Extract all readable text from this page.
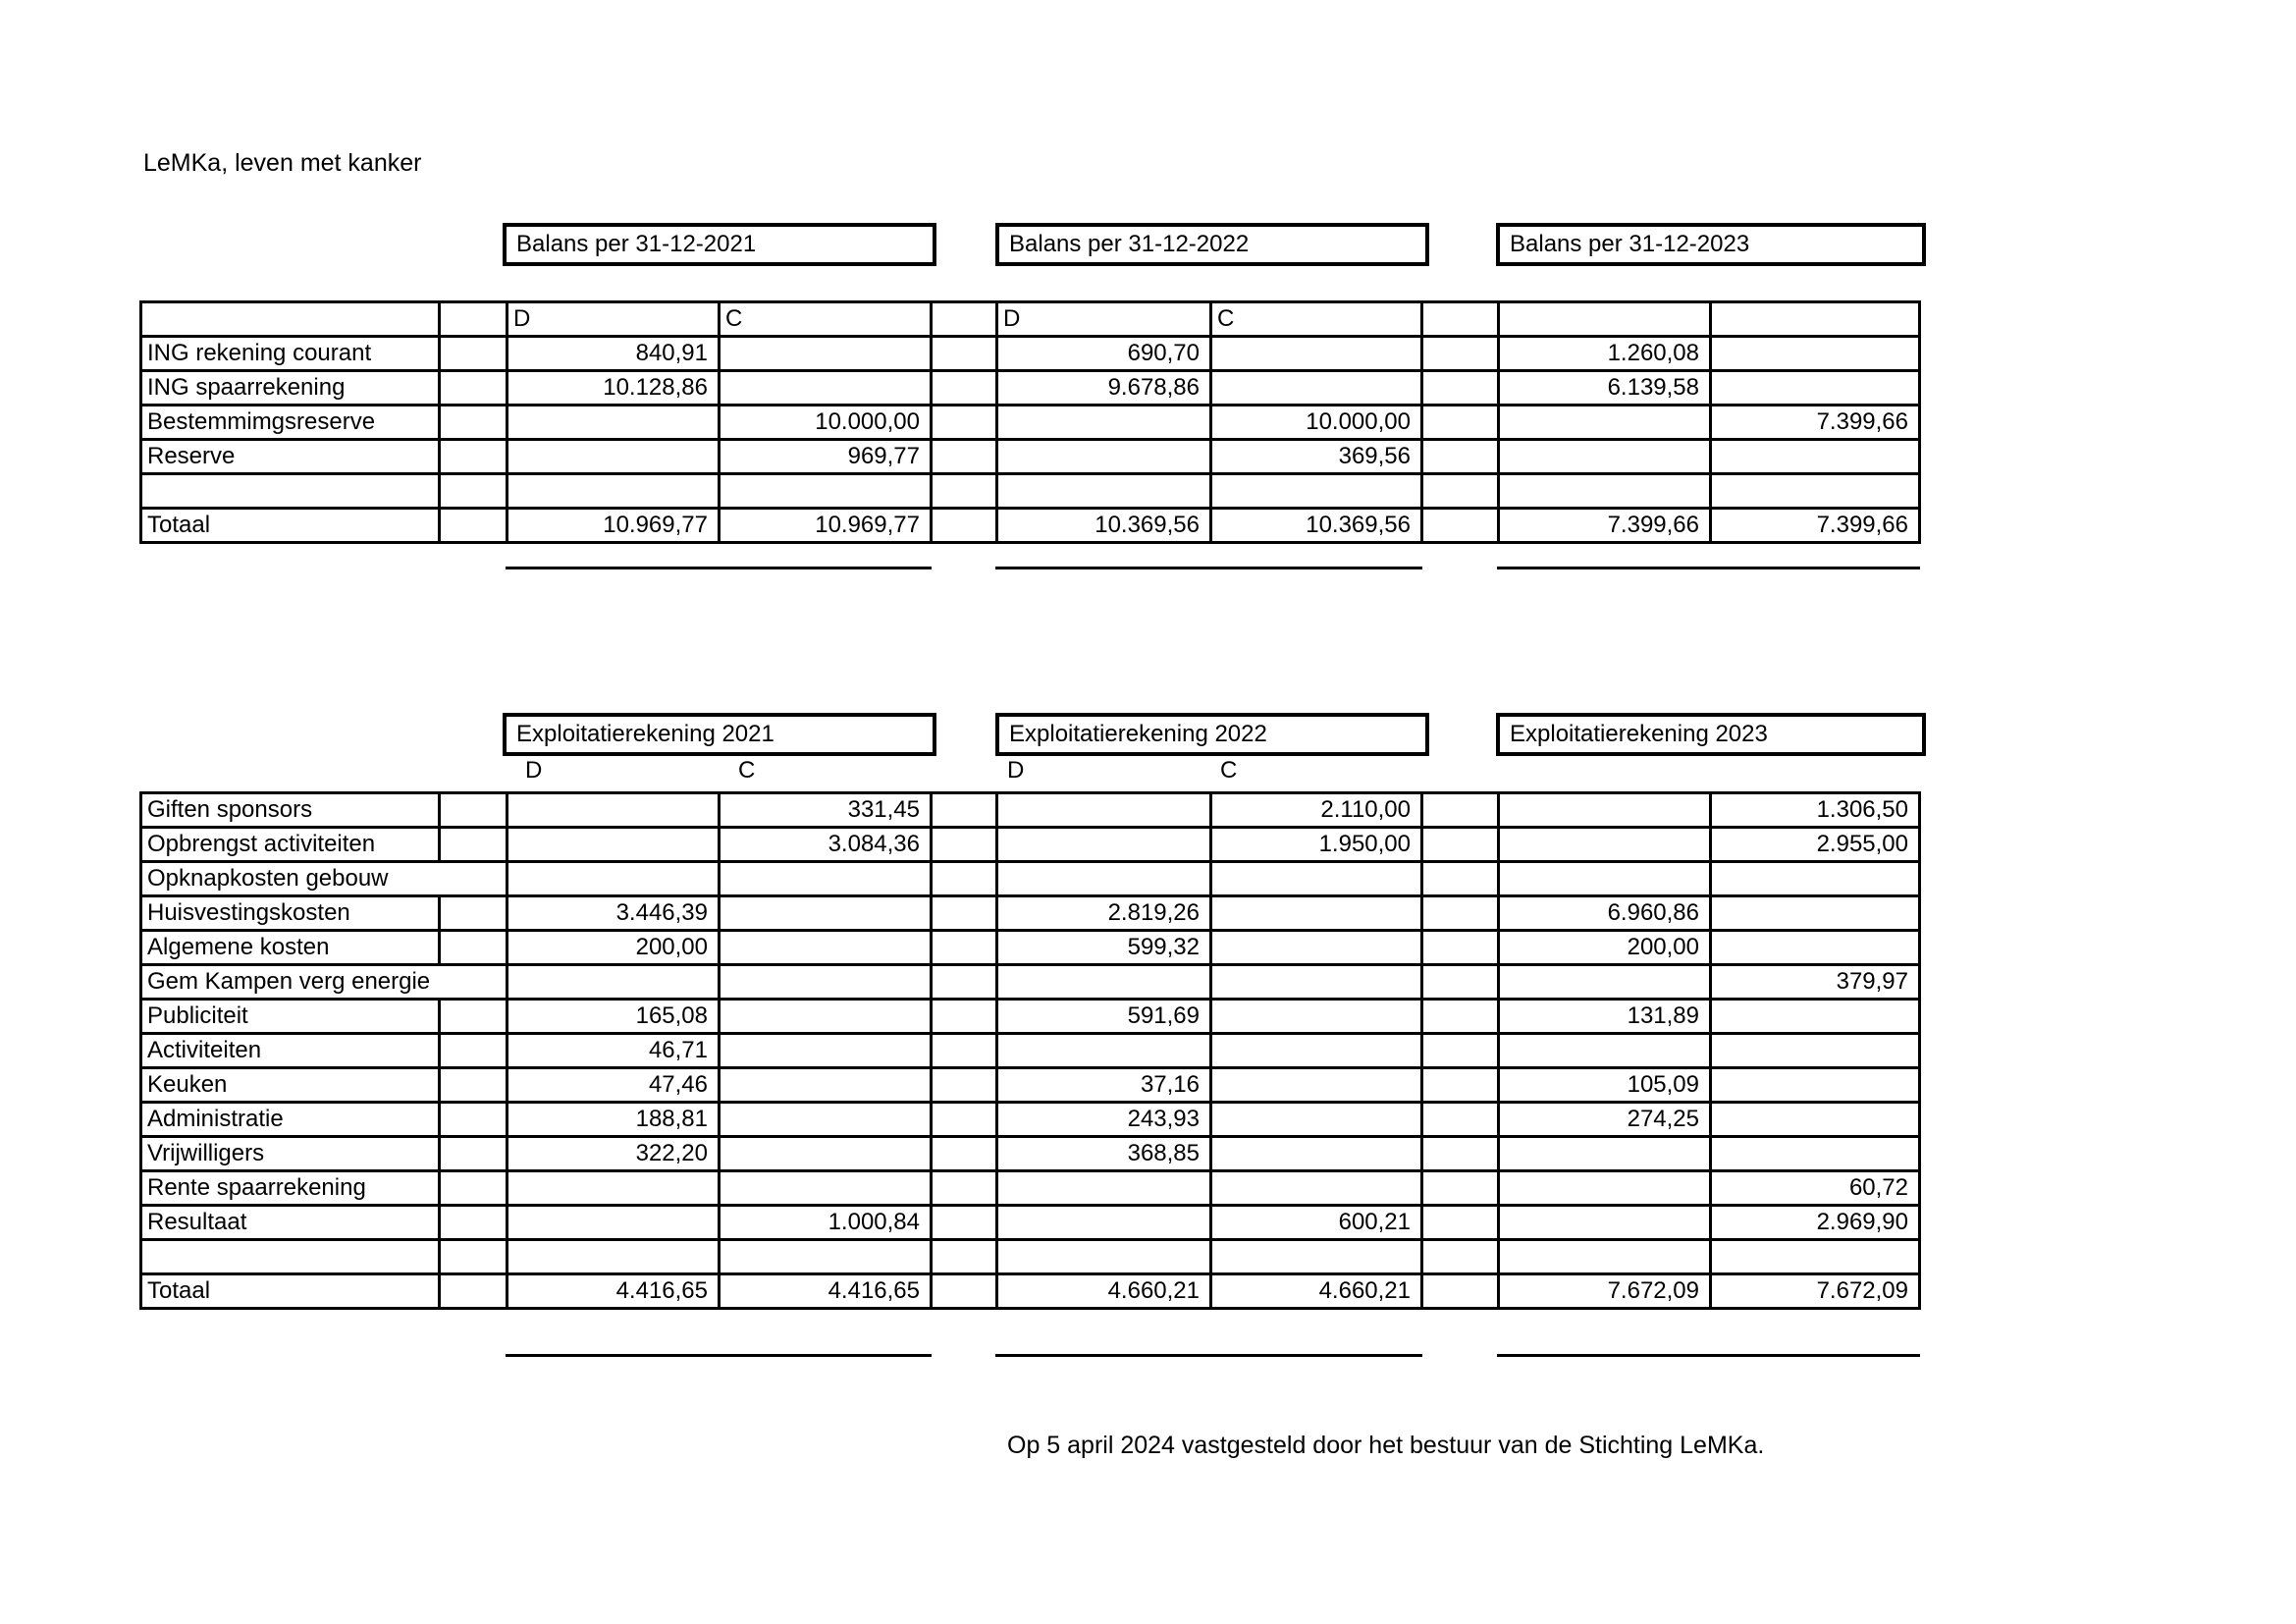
LeMKa, leven met kanker
Balans per 31-12-2021	Balans per 31-12-2022	Balans per 31-12-2023
		D	C		D	C			
ING rekening courant		840,91			690,70			1.260,08	
ING spaarrekening		10.128,86			9.678,86			6.139,58	
Bestemmimgsreserve			10.000,00			10.000,00			7.399,66
Reserve			969,77			369,56			

Totaal		10.969,77	10.969,77		10.369,56	10.369,56		7.399,66	7.399,66
Exploitatierekening 2021	Exploitatierekening 2022	Exploitatierekening 2023
D	C	D	C
Giften sponsors			331,45			2.110,00			1.306,50
Opbrengst activiteiten			3.084,36			1.950,00			2.955,00
Opknapkosten gebouw									
Huisvestingskosten		3.446,39			2.819,26			6.960,86	
Algemene kosten		200,00			599,32			200,00	
Gem Kampen verg energie									379,97
Publiciteit		165,08			591,69			131,89	
Activiteiten		46,71							
Keuken		47,46			37,16			105,09	
Administratie		188,81			243,93			274,25	
Vrijwilligers		322,20			368,85				
Rente spaarrekening									60,72
Resultaat			1.000,84			600,21			2.969,90

Totaal		4.416,65	4.416,65		4.660,21	4.660,21		7.672,09	7.672,09
Op 5 april 2024 vastgesteld door het bestuur van de Stichting LeMKa.
